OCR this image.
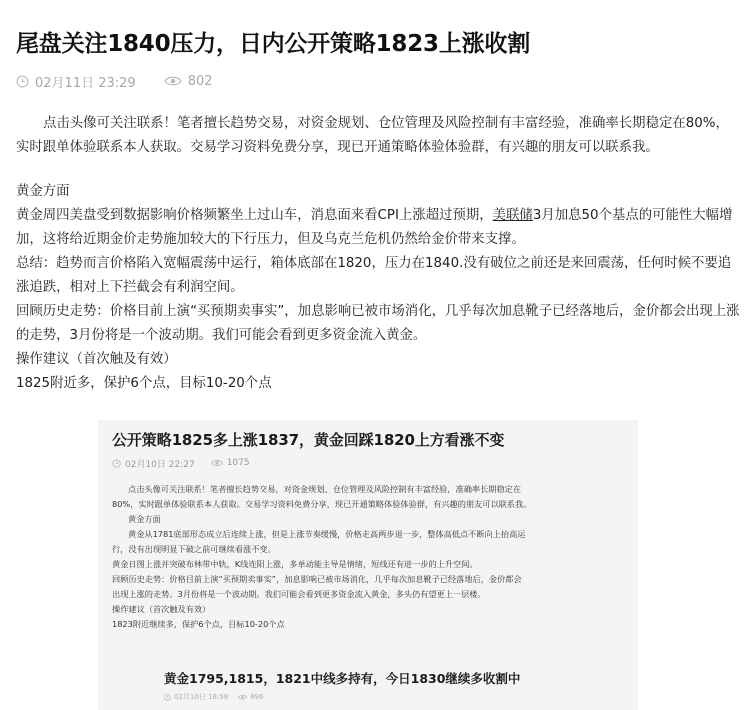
尾盘关注1840压力，日内公开策略1823上涨收割
02月11日 23:29	802

点击头像可关注联系！笔者擅长趋势交易，对资金规划、仓位管理及风险控制有丰富经验，准确率长期稳定在80%，实时跟单体验联系本人获取。交易学习资料免费分享，现已开通策略体验体验群，有兴趣的朋友可以联系我。

黄金方面

黄金周四美盘受到数据影响价格频繁坐上过山车，消息面来看CPI上涨超过预期，美联储3月加息50个基点的可能性大幅增加，这将给近期金价走势施加较大的下行压力，但及乌克兰危机仍然给金价带来支撑。

总结：趋势而言价格陷入宽幅震荡中运行，箱体底部在1820，压力在1840.没有破位之前还是来回震荡，任何时候不要追涨追跌，相对上下拦截会有利润空间。

回顾历史走势：价格目前上演“买预期卖事实”，加息影响已被市场消化，几乎每次加息靴子已经落地后，金价都会出现上涨的走势，3月份将是一个波动期。我们可能会看到更多资金流入黄金。

操作建议（首次触及有效）

1825附近多，保护6个点，目标10-20个点

公开策略1825多上涨1837，黄金回踩1820上方看涨不变
02月10日 22:27	1075

点击头像可关注联系！笔者擅长趋势交易，对资金规划、仓位管理及风险控制有丰富经验，准确率长期稳定在

80%，实时跟单体验联系本人获取。交易学习资料免费分享，现已开通策略体验体验群，有兴趣的朋友可以联系我。

黄金方面

黄金从1781底部形态成立后连续上涨，但是上涨节奏缓慢，价格走高两步退一步，整体高低点不断向上抬高运

行，没有出现明显下破之前可继续看涨不变。

黄金日图上涨并突破布林带中轨，K线连阳上涨，多单动能主导是情绪，短线还有进一步的上升空间。

回顾历史走势：价格目前上演“买预期卖事实”，加息影响已被市场消化，几乎每次加息靴子已经落地后，金价都会

出现上涨的走势。3月份将是一个波动期。我们可能会看到更多资金流入黄金，多头仍有望更上一层楼。

操作建议（首次触及有效）

1823附近继续多，保护6个点，目标10-20个点

黄金1795,1815，1821中线多持有，今日1830继续多收割中
02月10日 18:58	896
